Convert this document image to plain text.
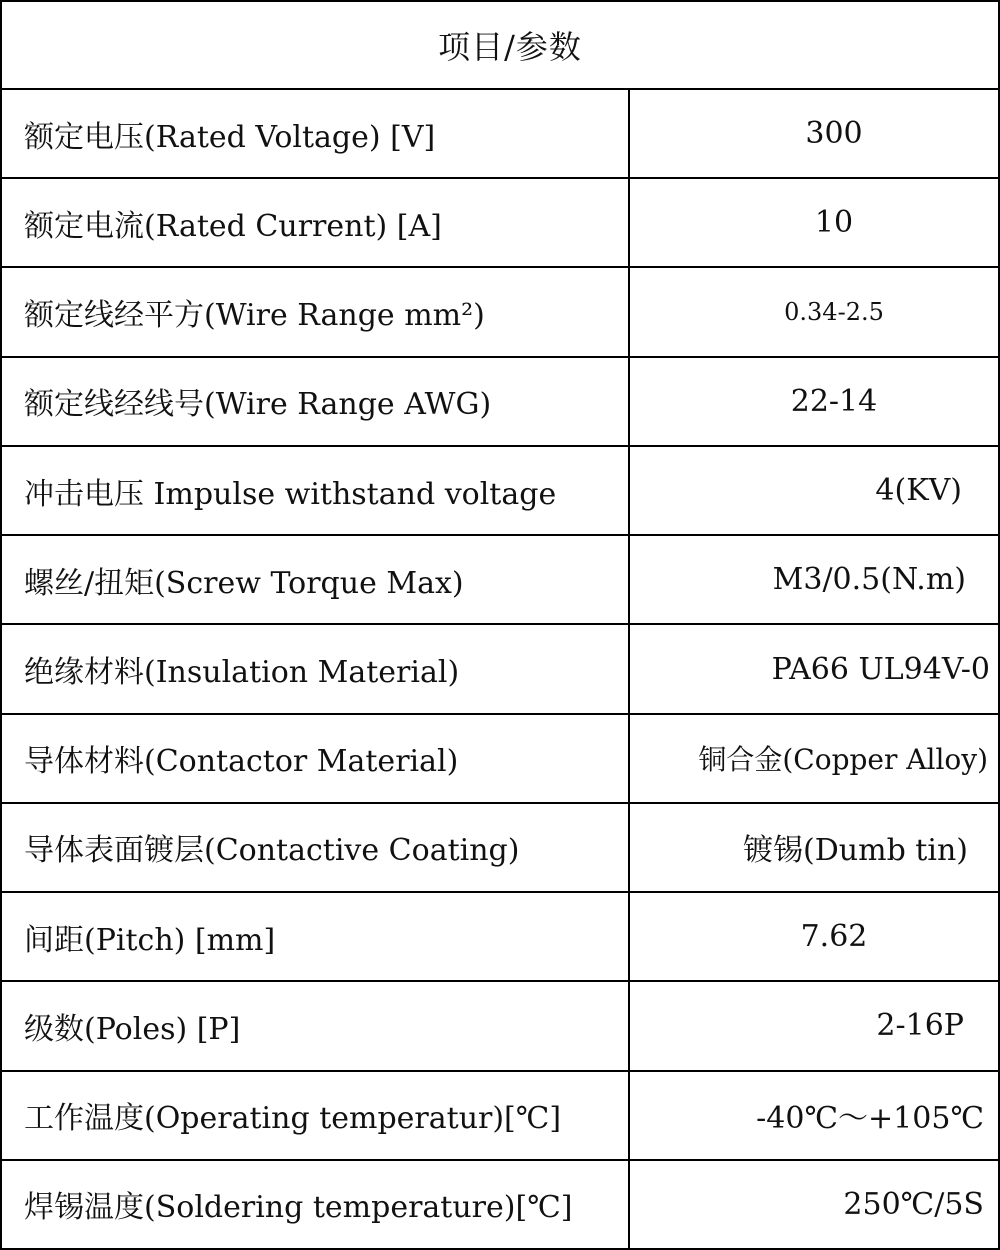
项目/参数
额定电压(Rated Voltage) [V]	300
额定电流(Rated Current) [A]	10
额定线经平方(Wire Range mm²)	0.34-2.5
额定线经线号(Wire Range AWG)	22-14
冲击电压 Impulse withstand voltage	4(KV)
螺丝/扭矩(Screw Torque Max)	M3/0.5(N.m)
绝缘材料(Insulation Material)	PA66 UL94V-0
导体材料(Contactor Material)	铜合金(Copper Alloy)
导体表面镀层(Contactive Coating)	镀锡(Dumb tin)
间距(Pitch) [mm]	7.62
级数(Poles) [P]	2-16P
工作温度(Operating temperatur)[℃]	-40℃～+105℃
焊锡温度(Soldering temperature)[℃]	250℃/5S
